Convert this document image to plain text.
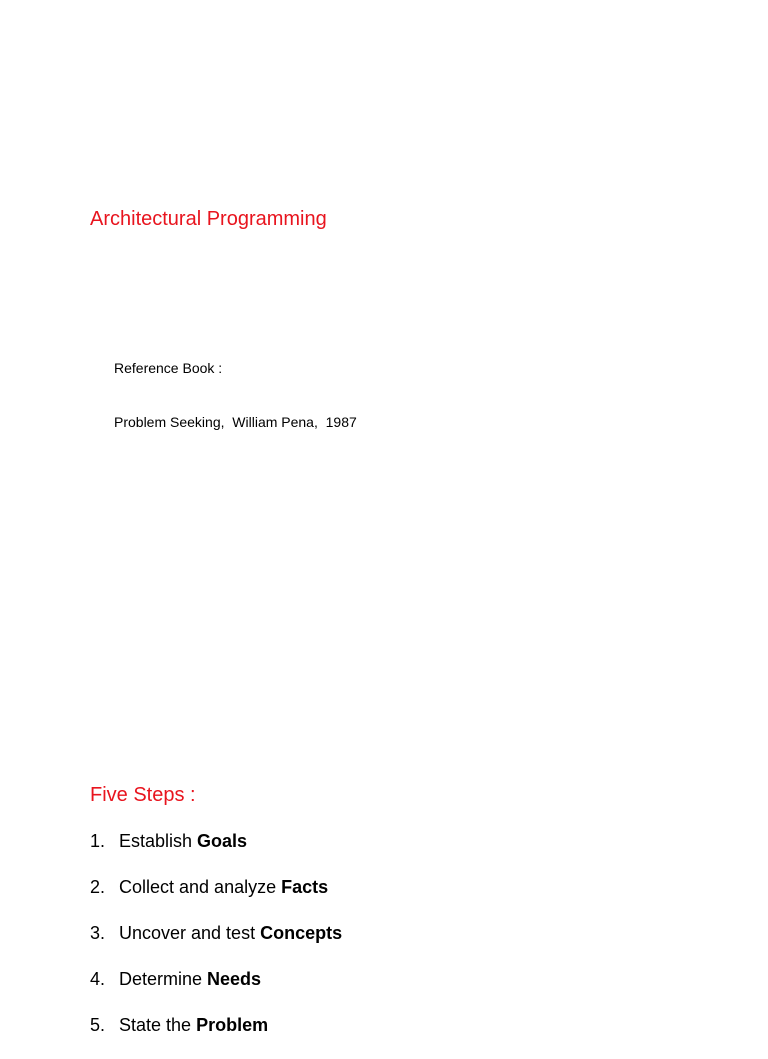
Architectural Programming

Reference Book :

Problem Seeking,  William Pena,  1987

Five Steps :
1. Establish Goals
2. Collect and analyze Facts
3. Uncover and test Concepts
4. Determine Needs
5. State the Problem
